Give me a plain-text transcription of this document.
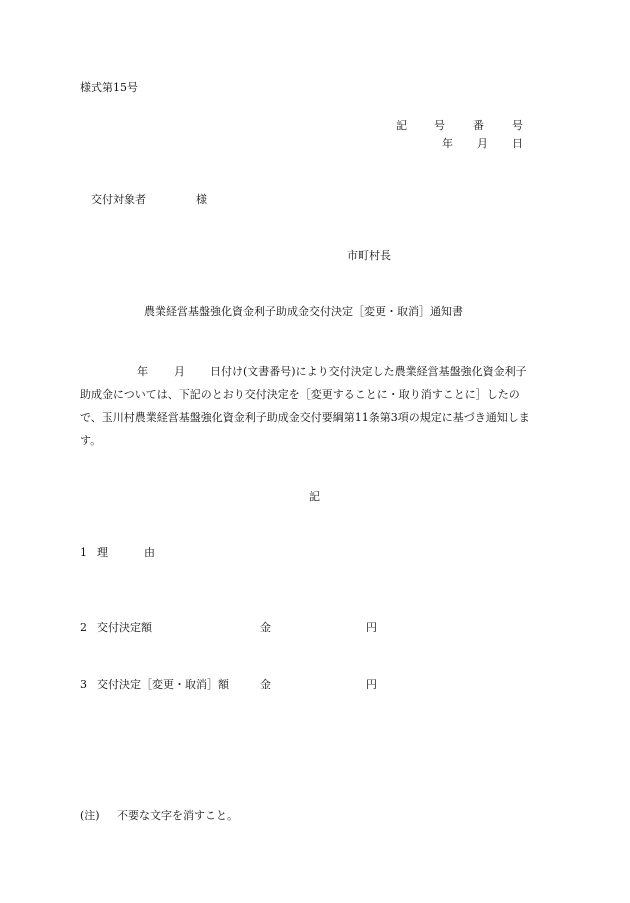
様式第15号
記 号	番	号
年 月 日
交付対象者	様
市町村長
農業経営基盤強化資金利子助成金交付決定［変更・取消］通知書

年 月 日付け(文書番号)により交付決定した農業経営基盤強化資金利子

助成金については、下記のとおり交付決定を［変更することに・取り消すことに］したの

で、玉川村農業経営基盤強化資金利子助成金交付要綱第11条第3項の規定に基づき通知しま

す。

記
1 理	由
2 交付決定額	金	円
3 交付決定［変更・取消］額	金	円
(注) 不要な文字を消すこと。
